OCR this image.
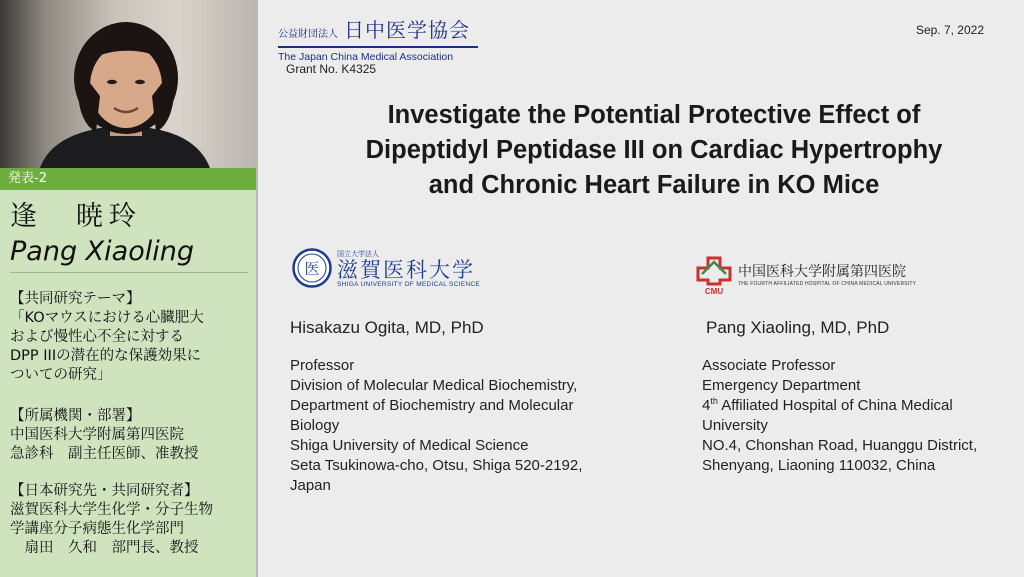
発表-2
逢　暁玲
Pang Xiaoling
【共同研究テーマ】
「KOマウスにおける心臓肥大
および慢性心不全に対する
DPP IIIの潜在的な保護効果に
ついての研究」
【所属機関・部署】
中国医科大学附属第四医院
急診科　副主任医師、准教授
【日本研究先・共同研究者】
滋賀医科大学生化学・分子生物
学講座分子病態生化学部門
　扇田　久和　部門長、教授
公益財団法人 日中医学協会
The Japan China Medical Association
Grant No. K4325
Sep. 7, 2022
Investigate the Potential Protective Effect of
Dipeptidyl Peptidase III on Cardiac Hypertrophy
and Chronic Heart Failure in KO Mice
医
国立大学法人
滋賀医科大学
SHIGA UNIVERSITY OF MEDICAL SCIENCE
CMU
中国医科大学附属第四医院
THE FOURTH AFFILIATED HOSPITAL OF CHINA MEDICAL UNIVERSITY
Hisakazu Ogita, MD, PhD	Pang Xiaoling, MD, PhD
Professor
Division of Molecular Medical Biochemistry,
Department of Biochemistry and Molecular
Biology
Shiga University of Medical Science
Seta Tsukinowa-cho, Otsu, Shiga 520-2192,
Japan
Associate Professor
Emergency Department
4th Affiliated Hospital of China Medical
University
NO.4, Chonshan Road, Huanggu District,
Shenyang, Liaoning 110032, China
